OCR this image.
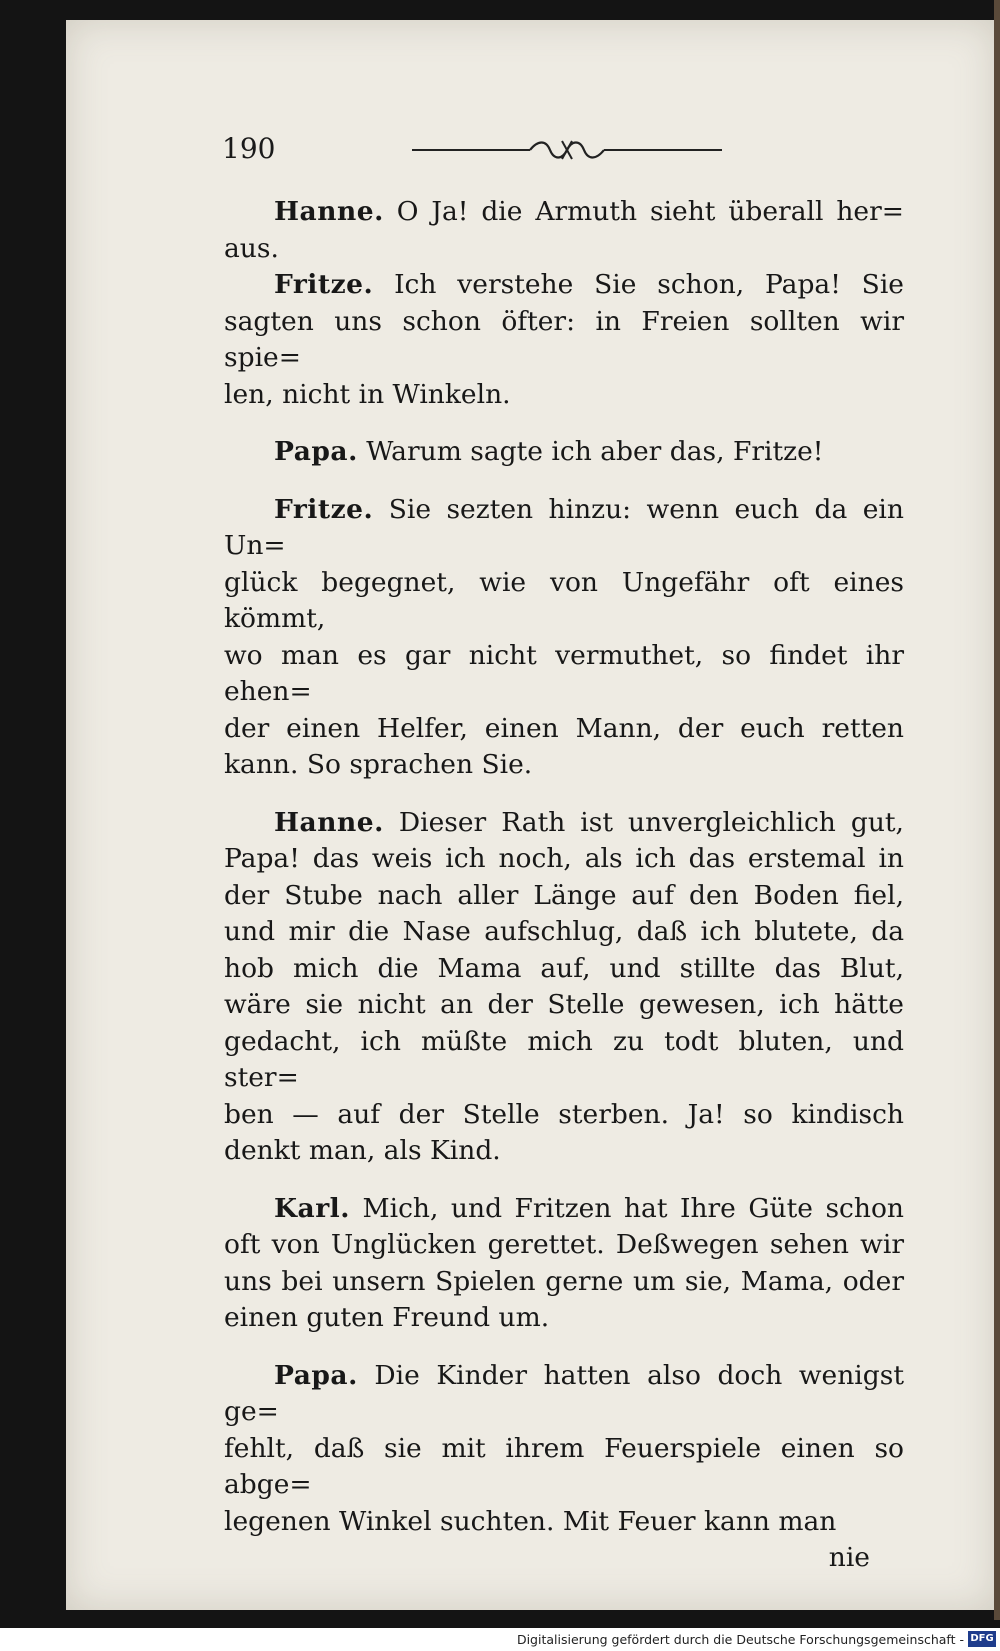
190
Hanne. O Ja! die Armuth sieht überall her=
aus.
Fritze. Ich verstehe Sie schon, Papa! Sie
sagten uns schon öfter: in Freien sollten wir spie=
len, nicht in Winkeln.
Papa. Warum sagte ich aber das, Fritze!
Fritze. Sie sezten hinzu: wenn euch da ein Un=
glück begegnet, wie von Ungefähr oft eines kömmt,
wo man es gar nicht vermuthet, so findet ihr ehen=
der einen Helfer, einen Mann, der euch retten
kann. So sprachen Sie.
Hanne. Dieser Rath ist unvergleichlich gut,
Papa! das weis ich noch, als ich das erstemal in
der Stube nach aller Länge auf den Boden fiel,
und mir die Nase aufschlug, daß ich blutete, da
hob mich die Mama auf, und stillte das Blut,
wäre sie nicht an der Stelle gewesen, ich hätte
gedacht, ich müßte mich zu todt bluten, und ster=
ben — auf der Stelle sterben. Ja! so kindisch
denkt man, als Kind.
Karl. Mich, und Fritzen hat Ihre Güte schon
oft von Unglücken gerettet. Deßwegen sehen wir
uns bei unsern Spielen gerne um sie, Mama, oder
einen guten Freund um.
Papa. Die Kinder hatten also doch wenigst ge=
fehlt, daß sie mit ihrem Feuerspiele einen so abge=
legenen Winkel suchten. Mit Feuer kann man
nie
Digitalisierung gefördert durch die Deutsche Forschungsgemeinschaft - DFG
